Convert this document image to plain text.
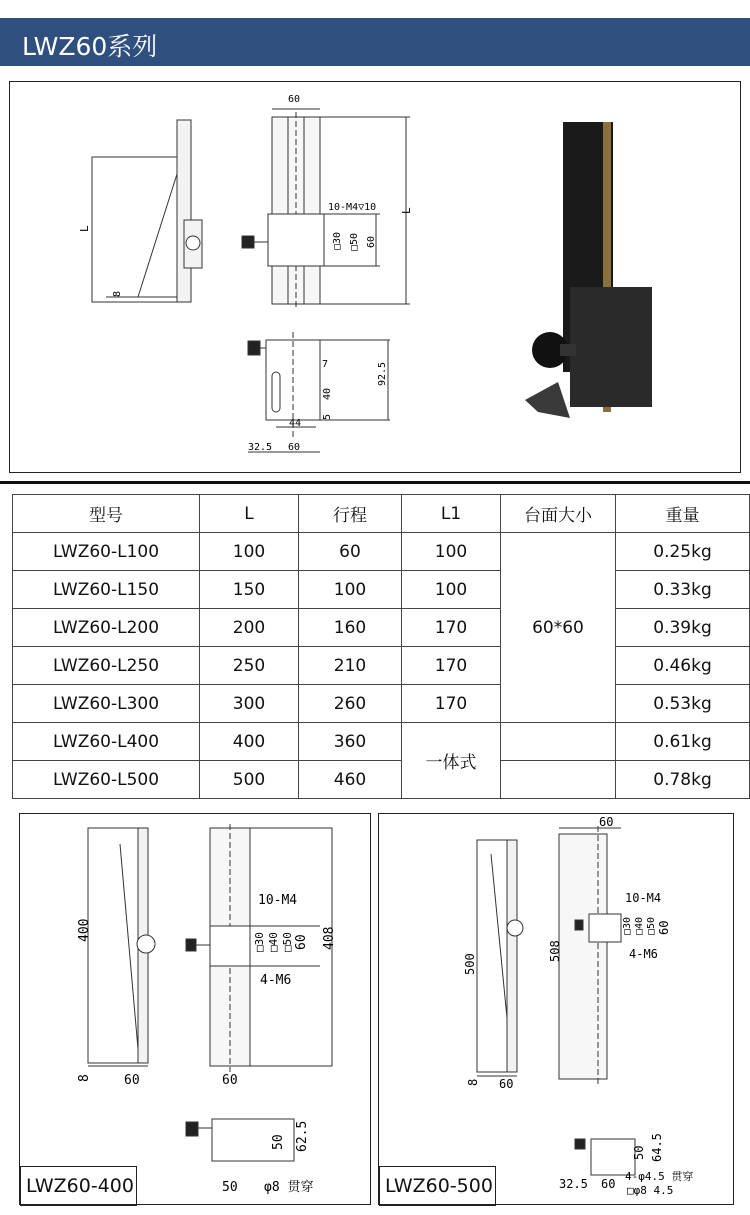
LWZ60系列
L
8
60
10-M4▽10 L
□30 □50 60
7	92.5
40
5
44
32.5 60
型号	L	行程	L1	台面大小	重量
LWZ60-L100	100	60	100	60*60	0.25kg
LWZ60-L150	150	100	100		0.33kg
LWZ60-L200	200	160	170		0.39kg
LWZ60-L250	250	210	170		0.46kg
LWZ60-L300	300	260	170		0.53kg
LWZ60-L400	400	360	一体式		0.61kg
LWZ60-L500	500	460			0.78kg
400
10-M4
□30 □40 □50 60 408
4-M6
8 60	60
50 62.5
50 φ8 贯穿
LWZ60-400
60
10-M4
□30 □40 □50 60
500
508	4-M6
8 60
50 64.5
32.5 60
4-φ4.5 贯穿
□φ8 4.5
LWZ60-500
